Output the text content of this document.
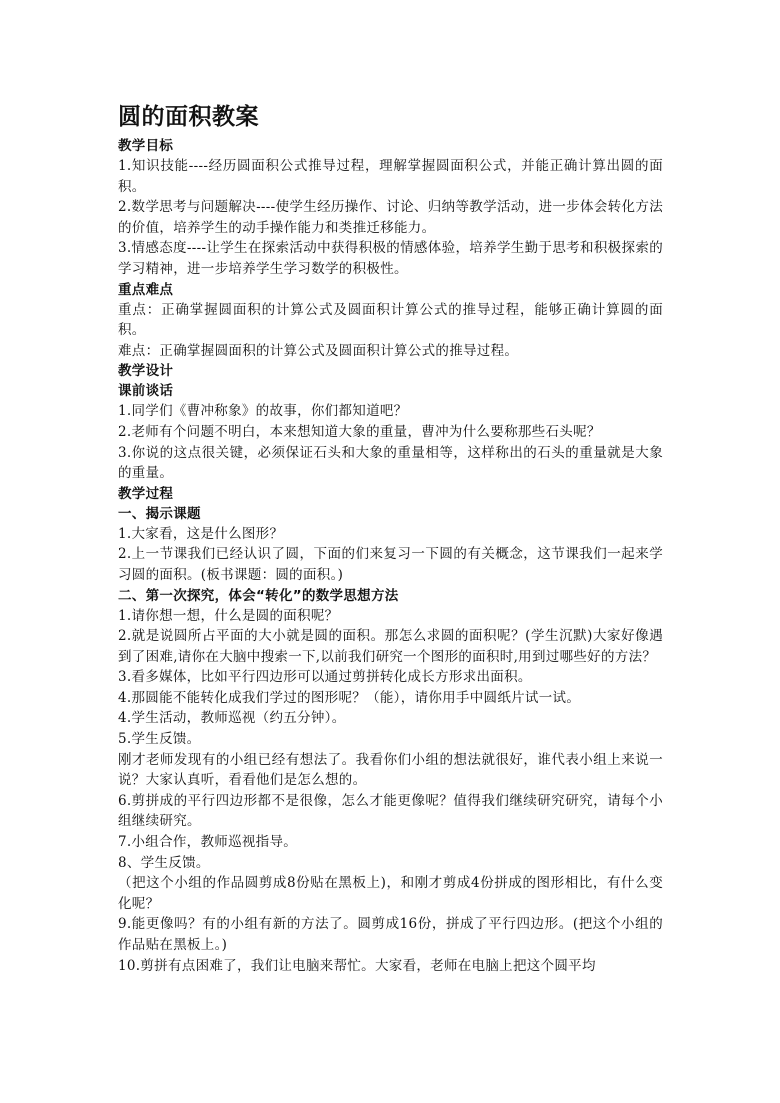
圆的面积教案
教学目标

1.知识技能----经历圆面积公式推导过程，理解掌握圆面积公式，并能正确计算出圆的面积。

2.数学思考与问题解决----使学生经历操作、讨论、归纳等教学活动，进一步体会转化方法的价值，培养学生的动手操作能力和类推迁移能力。

3.情感态度----让学生在探索活动中获得积极的情感体验，培养学生勤于思考和积极探索的学习精神，进一步培养学生学习数学的积极性。

重点难点

重点：正确掌握圆面积的计算公式及圆面积计算公式的推导过程，能够正确计算圆的面积。

难点：正确掌握圆面积的计算公式及圆面积计算公式的推导过程。

教学设计
课前谈话

1.同学们《曹冲称象》的故事，你们都知道吧？

2.老师有个问题不明白，本来想知道大象的重量，曹冲为什么要称那些石头呢？

3.你说的这点很关键，必须保证石头和大象的重量相等，这样称出的石头的重量就是大象的重量。

教学过程
一、揭示课题

1.大家看，这是什么图形？

2.上一节课我们已经认识了圆，下面的们来复习一下圆的有关概念，这节课我们一起来学习圆的面积。(板书课题：圆的面积。)

二、第一次探究，体会“转化”的数学思想方法

1.请你想一想，什么是圆的面积呢？

2.就是说圆所占平面的大小就是圆的面积。那怎么求圆的面积呢？(学生沉默)大家好像遇到了困难,请你在大脑中搜索一下,以前我们研究一个图形的面积时,用到过哪些好的方法？

3.看多媒体，比如平行四边形可以通过剪拼转化成长方形求出面积。

4.那圆能不能转化成我们学过的图形呢？（能），请你用手中圆纸片试一试。

4.学生活动，教师巡视（约五分钟）。

5.学生反馈。

刚才老师发现有的小组已经有想法了。我看你们小组的想法就很好，谁代表小组上来说一说？大家认真听，看看他们是怎么想的。

6.剪拼成的平行四边形都不是很像，怎么才能更像呢？值得我们继续研究研究，请每个小组继续研究。

7.小组合作，教师巡视指导。

8、学生反馈。

（把这个小组的作品圆剪成8份贴在黑板上)，和刚才剪成4份拼成的图形相比，有什么变化呢？

9.能更像吗？有的小组有新的方法了。圆剪成16份，拼成了平行四边形。(把这个小组的作品贴在黑板上。)

10.剪拼有点困难了，我们让电脑来帮忙。大家看，老师在电脑上把这个圆平均
